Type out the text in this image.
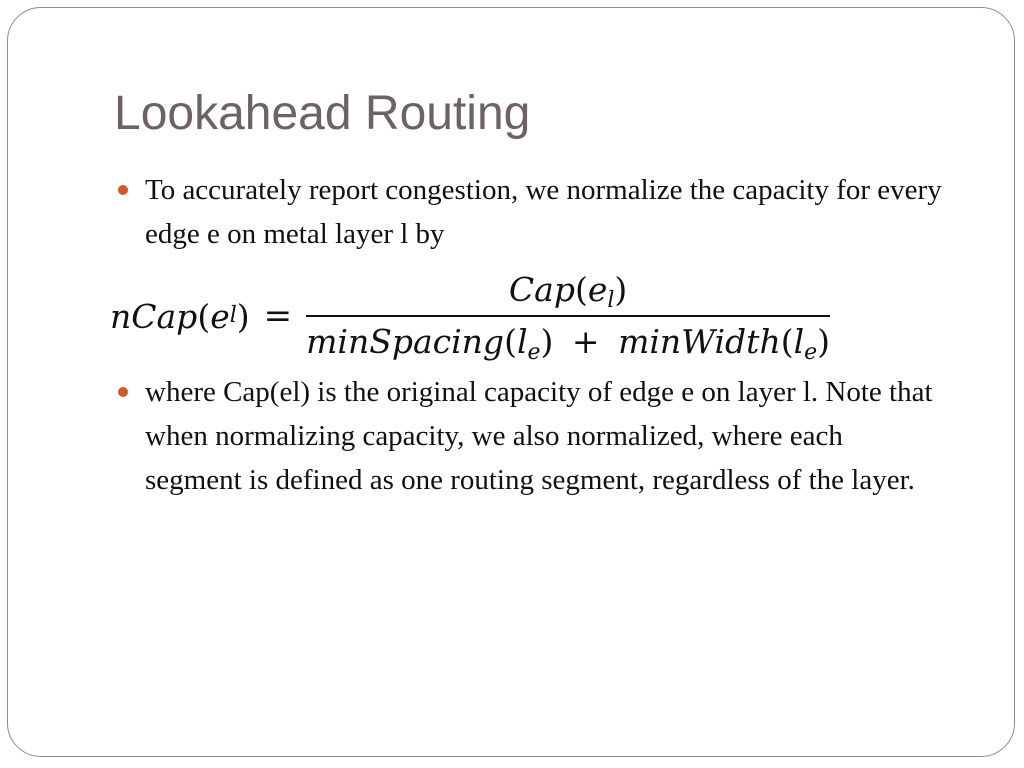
Lookahead Routing
To accurately report congestion, we normalize the capacity for every edge e on metal layer l by
nCap ( e l ) = $\frac{Cap(e_l)}{minSpacing(l_e) + minWidth(l_e)}$
where Cap(el) is the original capacity of edge e on layer l. Note that when normalizing capacity, we also normalized, where each segment is defined as one routing segment, regardless of the layer.
